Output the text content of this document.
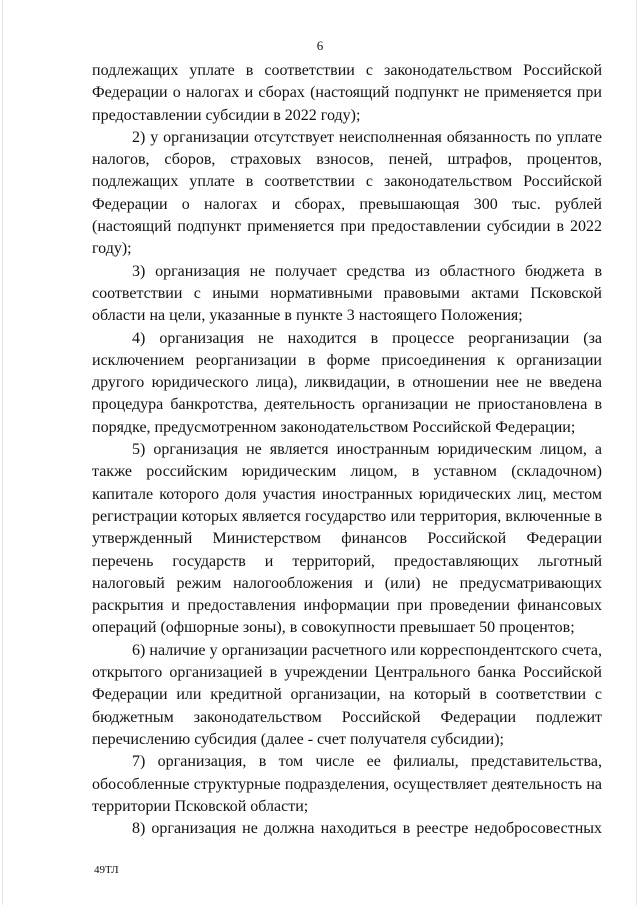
6

подлежащих уплате в соответствии с законодательством Российской Федерации о налогах и сборах (настоящий подпункт не применяется при предоставлении субсидии в 2022 году);

2) у организации отсутствует неисполненная обязанность по уплате налогов, сборов, страховых взносов, пеней, штрафов, процентов, подлежащих уплате в соответствии с законодательством Российской Федерации о налогах и сборах, превышающая 300 тыс. рублей (настоящий подпункт применяется при предоставлении субсидии в 2022 году);

3) организация не получает средства из областного бюджета в соответствии с иными нормативными правовыми актами Псковской области на цели, указанные в пункте 3 настоящего Положения;

4) организация не находится в процессе реорганизации (за исключением реорганизации в форме присоединения к организации другого юридического лица), ликвидации, в отношении нее не введена процедура банкротства, деятельность организации не приостановлена в порядке, предусмотренном законодательством Российской Федерации;

5) организация не является иностранным юридическим лицом, а также российским юридическим лицом, в уставном (складочном) капитале которого доля участия иностранных юридических лиц, местом регистрации которых является государство или территория, включенные в утвержденный Министерством финансов Российской Федерации перечень государств и территорий, предоставляющих льготный налоговый режим налогообложения и (или) не предусматривающих раскрытия и предоставления информации при проведении финансовых операций (офшорные зоны), в совокупности превышает 50 процентов;

6) наличие у организации расчетного или корреспондентского счета, открытого организацией в учреждении Центрального банка Российской Федерации или кредитной организации, на который в соответствии с бюджетным законодательством Российской Федерации подлежит перечислению субсидия (далее - счет получателя субсидии);

7) организация, в том числе ее филиалы, представительства, обособленные структурные подразделения, осуществляет деятельность на территории Псковской области;

8) организация не должна находиться в реестре недобросовестных

49ТЛ
